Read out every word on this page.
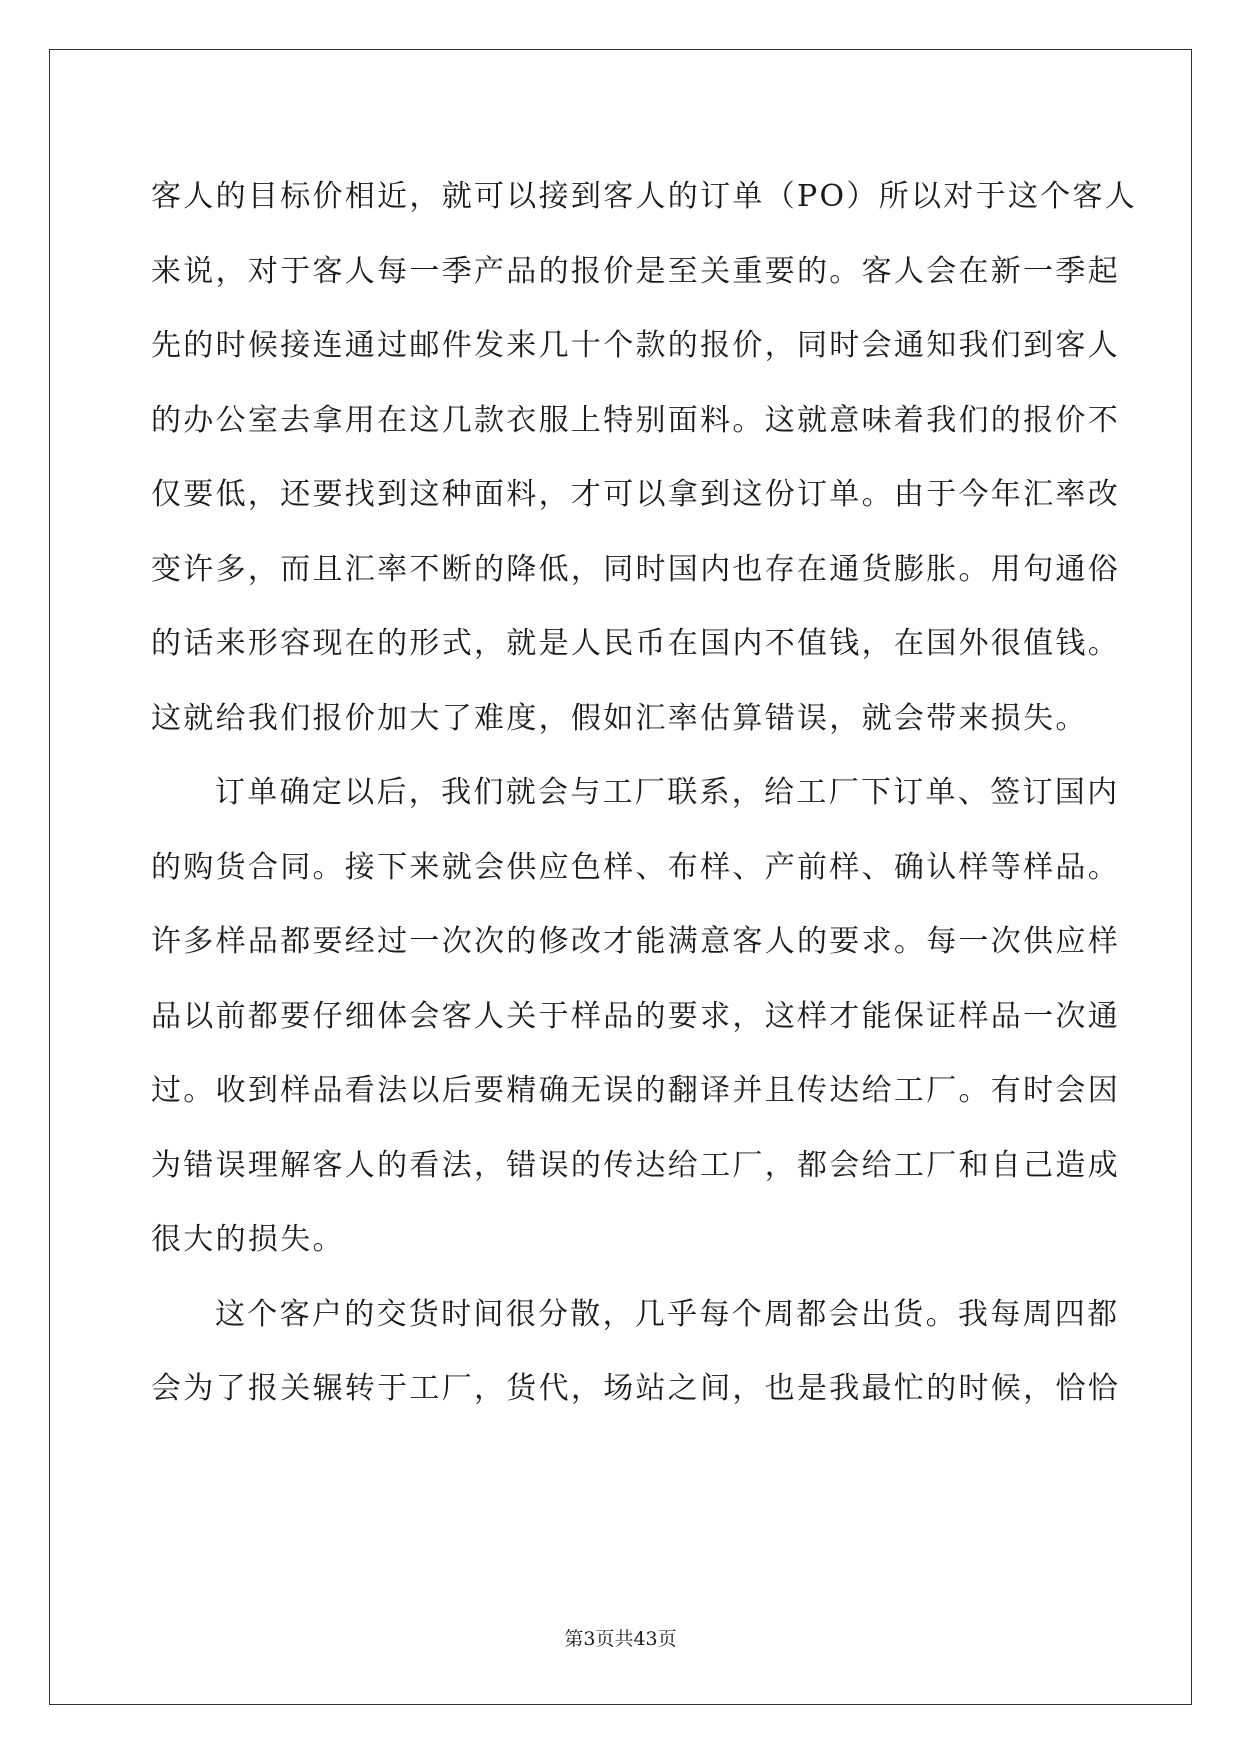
客人的目标价相近，就可以接到客人的订单（PO）所以对于这个客人
来说，对于客人每一季产品的报价是至关重要的。客人会在新一季起
先的时候接连通过邮件发来几十个款的报价，同时会通知我们到客人
的办公室去拿用在这几款衣服上特别面料。这就意味着我们的报价不
仅要低，还要找到这种面料，才可以拿到这份订单。由于今年汇率改
变许多，而且汇率不断的降低，同时国内也存在通货膨胀。用句通俗
的话来形容现在的形式，就是人民币在国内不值钱，在国外很值钱。
这就给我们报价加大了难度，假如汇率估算错误，就会带来损失。
订单确定以后，我们就会与工厂联系，给工厂下订单、签订国内
的购货合同。接下来就会供应色样、布样、产前样、确认样等样品。
许多样品都要经过一次次的修改才能满意客人的要求。每一次供应样
品以前都要仔细体会客人关于样品的要求，这样才能保证样品一次通
过。收到样品看法以后要精确无误的翻译并且传达给工厂。有时会因
为错误理解客人的看法，错误的传达给工厂，都会给工厂和自己造成
很大的损失。
这个客户的交货时间很分散，几乎每个周都会出货。我每周四都
会为了报关辗转于工厂，货代，场站之间，也是我最忙的时候，恰恰
第3页共43页
